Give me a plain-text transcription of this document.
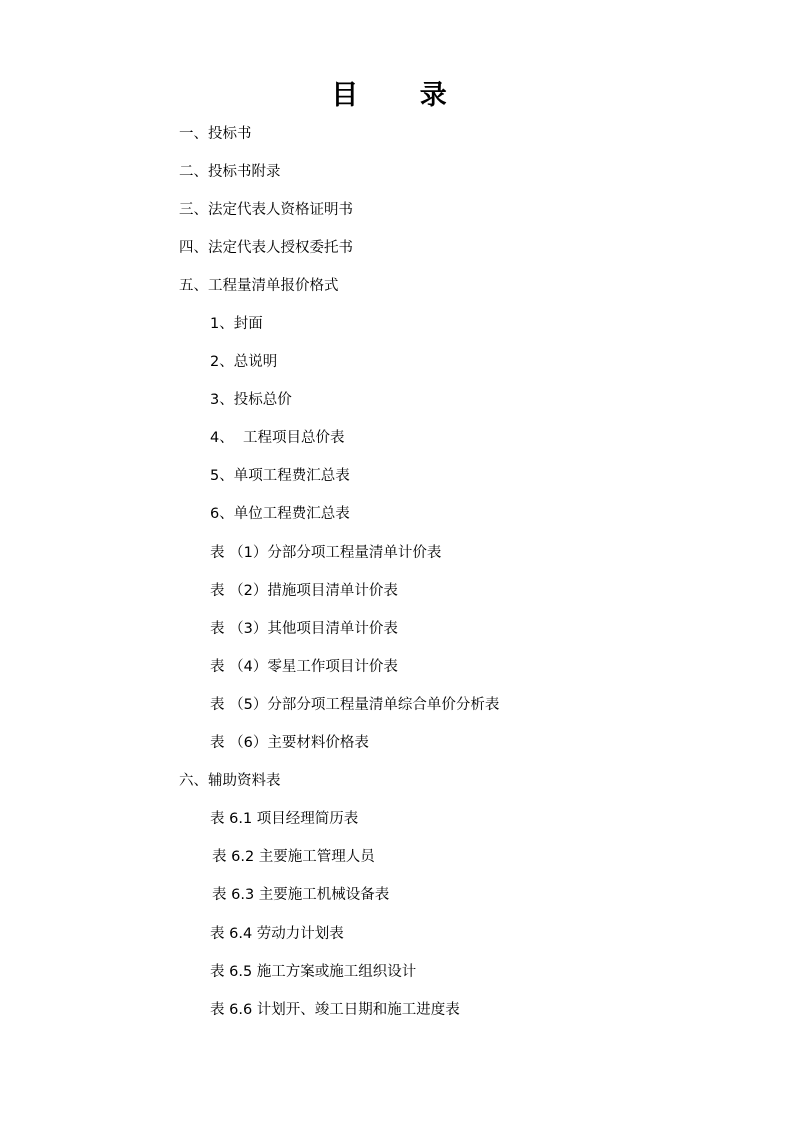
目 录
一、投标书
二、投标书附录
三、法定代表人资格证明书
四、法定代表人授权委托书
五、工程量清单报价格式
1、封面
2、总说明
3、投标总价
4、  工程项目总价表
5、单项工程费汇总表
6、单位工程费汇总表
表 （1）分部分项工程量清单计价表
表 （2）措施项目清单计价表
表 （3）其他项目清单计价表
表 （4）零星工作项目计价表
表 （5）分部分项工程量清单综合单价分析表
表 （6）主要材料价格表
六、辅助资料表
表 6.1 项目经理简历表
表 6.2 主要施工管理人员
表 6.3 主要施工机械设备表
表 6.4 劳动力计划表
表 6.5 施工方案或施工组织设计
表 6.6 计划开、竣工日期和施工进度表
